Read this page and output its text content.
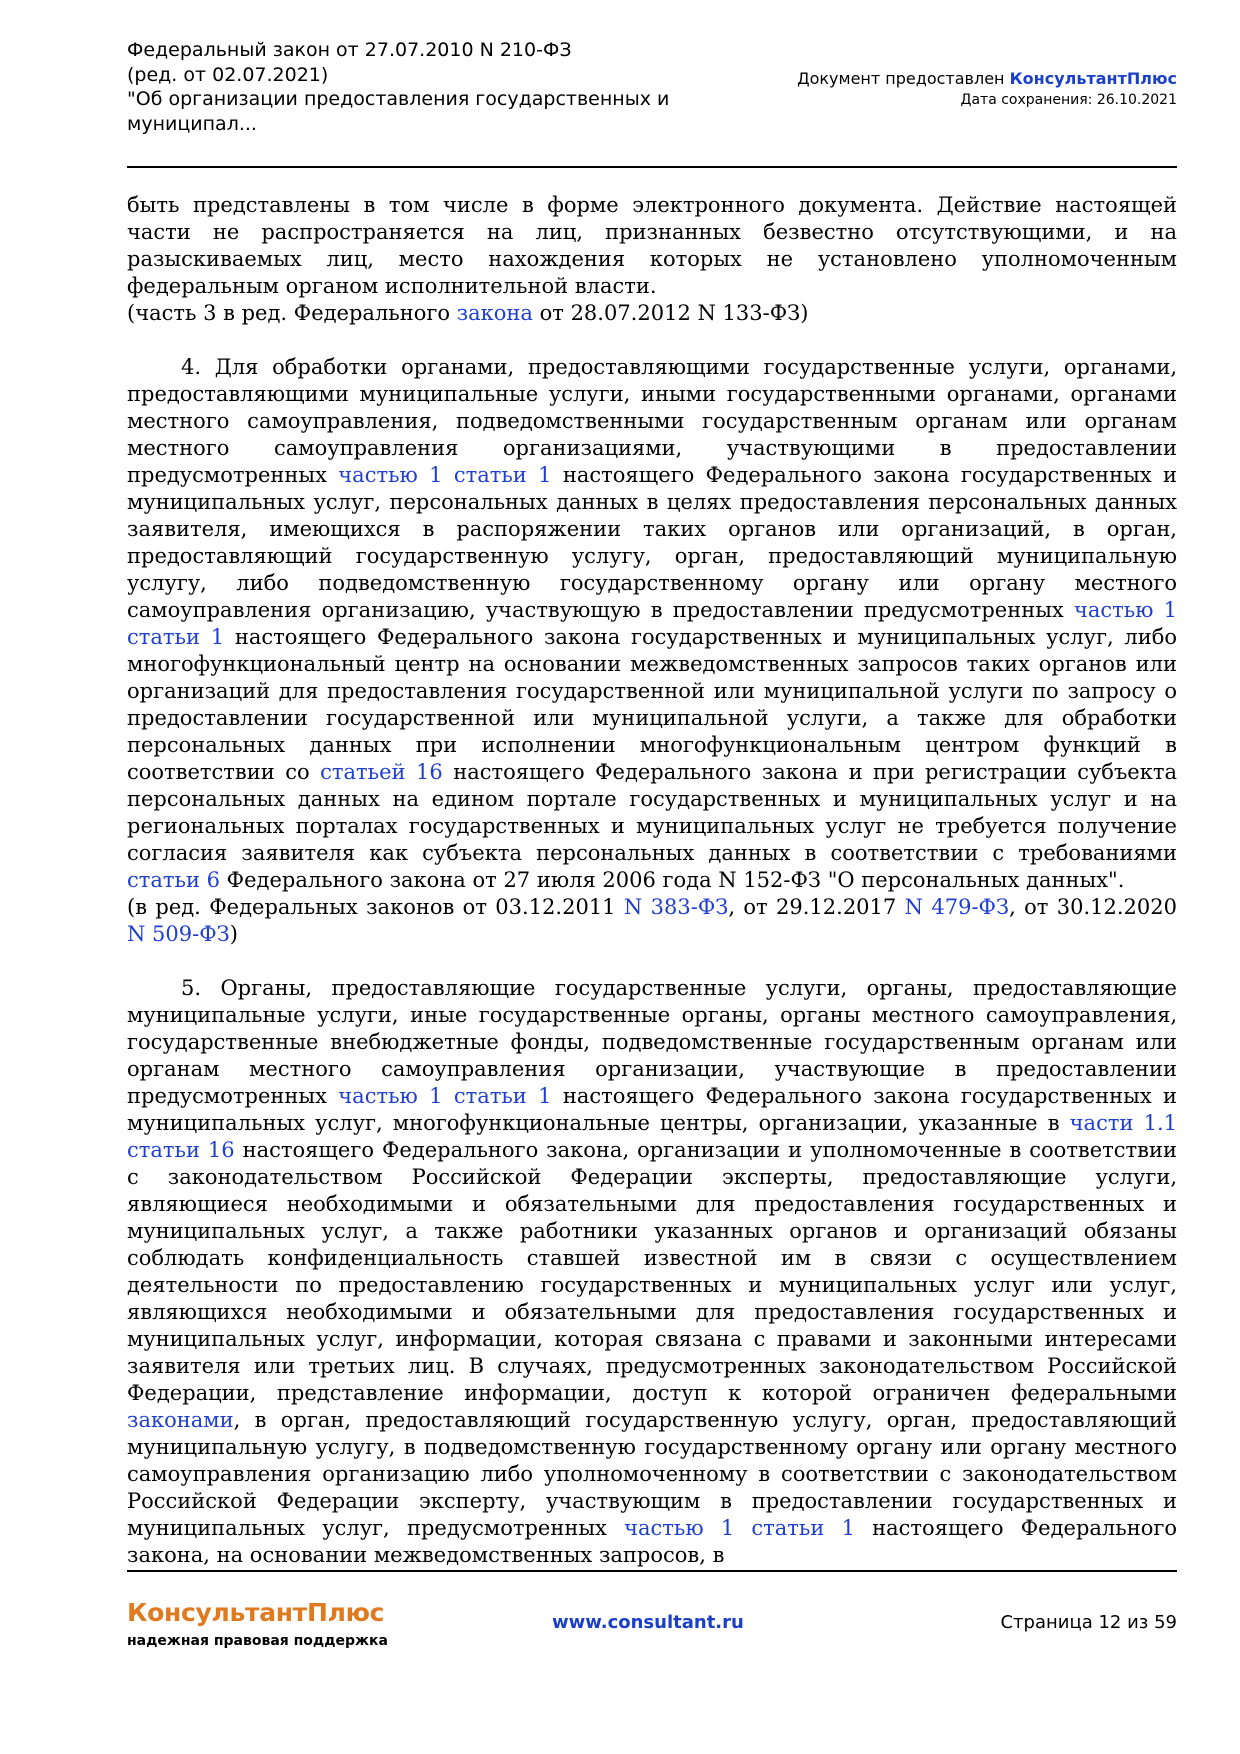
Федеральный закон от 27.07.2010 N 210-ФЗ
(ред. от 02.07.2021)
"Об организации предоставления государственных и
муниципал...
Документ предоставлен КонсультантПлюс
Дата сохранения: 26.10.2021

быть представлены в том числе в форме электронного документа. Действие настоящей части не распространяется на лиц, признанных безвестно отсутствующими, и на разыскиваемых лиц, место нахождения которых не установлено уполномоченным федеральным органом исполнительной власти.

(часть 3 в ред. Федерального закона от 28.07.2012 N 133-ФЗ)

4. Для обработки органами, предоставляющими государственные услуги, органами, предоставляющими муниципальные услуги, иными государственными органами, органами местного самоуправления, подведомственными государственным органам или органам местного самоуправления организациями, участвующими в предоставлении предусмотренных частью 1 статьи 1 настоящего Федерального закона государственных и муниципальных услуг, персональных данных в целях предоставления персональных данных заявителя, имеющихся в распоряжении таких органов или организаций, в орган, предоставляющий государственную услугу, орган, предоставляющий муниципальную услугу, либо подведомственную государственному органу или органу местного самоуправления организацию, участвующую в предоставлении предусмотренных частью 1 статьи 1 настоящего Федерального закона государственных и муниципальных услуг, либо многофункциональный центр на основании межведомственных запросов таких органов или организаций для предоставления государственной или муниципальной услуги по запросу о предоставлении государственной или муниципальной услуги, а также для обработки персональных данных при исполнении многофункциональным центром функций в соответствии со статьей 16 настоящего Федерального закона и при регистрации субъекта персональных данных на едином портале государственных и муниципальных услуг и на региональных порталах государственных и муниципальных услуг не требуется получение согласия заявителя как субъекта персональных данных в соответствии с требованиями статьи 6 Федерального закона от 27 июля 2006 года N 152-ФЗ "О персональных данных".

(в ред. Федеральных законов от 03.12.2011 N 383-ФЗ, от 29.12.2017 N 479-ФЗ, от 30.12.2020 N 509-ФЗ)

5. Органы, предоставляющие государственные услуги, органы, предоставляющие муниципальные услуги, иные государственные органы, органы местного самоуправления, государственные внебюджетные фонды, подведомственные государственным органам или органам местного самоуправления организации, участвующие в предоставлении предусмотренных частью 1 статьи 1 настоящего Федерального закона государственных и муниципальных услуг, многофункциональные центры, организации, указанные в части 1.1 статьи 16 настоящего Федерального закона, организации и уполномоченные в соответствии с законодательством Российской Федерации эксперты, предоставляющие услуги, являющиеся необходимыми и обязательными для предоставления государственных и муниципальных услуг, а также работники указанных органов и организаций обязаны соблюдать конфиденциальность ставшей известной им в связи с осуществлением деятельности по предоставлению государственных и муниципальных услуг или услуг, являющихся необходимыми и обязательными для предоставления государственных и муниципальных услуг, информации, которая связана с правами и законными интересами заявителя или третьих лиц. В случаях, предусмотренных законодательством Российской Федерации, представление информации, доступ к которой ограничен федеральными законами, в орган, предоставляющий государственную услугу, орган, предоставляющий муниципальную услугу, в подведомственную государственному органу или органу местного самоуправления организацию либо уполномоченному в соответствии с законодательством Российской Федерации эксперту, участвующим в предоставлении государственных и муниципальных услуг, предусмотренных частью 1 статьи 1 настоящего Федерального закона, на основании межведомственных запросов, в

КонсультантПлюс
надежная правовая поддержка
www.consultant.ru	Страница 12 из 59
